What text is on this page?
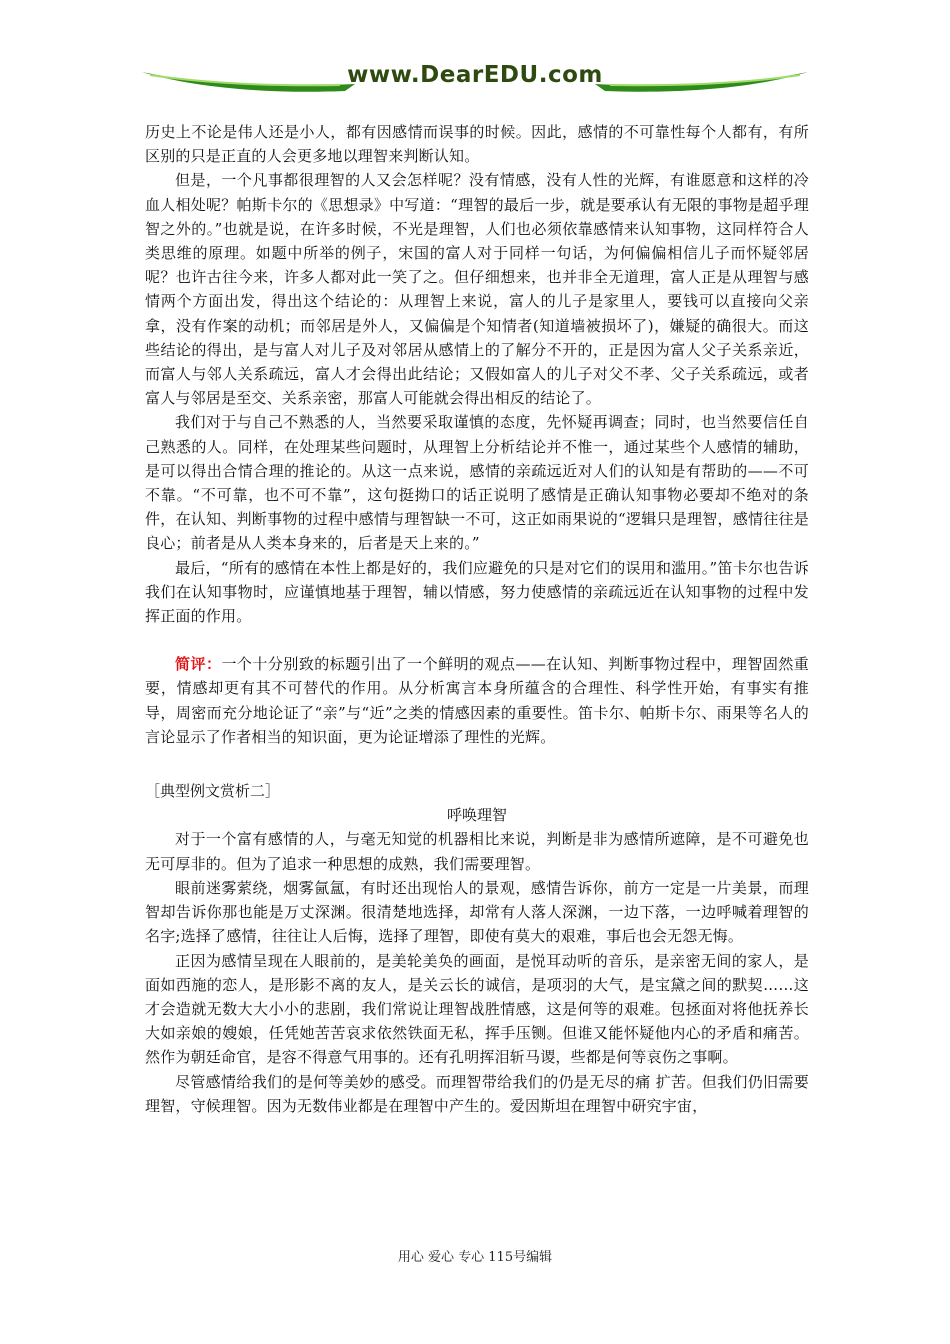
www.DearEDU.com

历史上不论是伟人还是小人，都有因感情而误事的时候。因此，感情的不可靠性每个人都有，有所区别的只是正直的人会更多地以理智来判断认知。

但是，一个凡事都很理智的人又会怎样呢？没有情感，没有人性的光辉，有谁愿意和这样的冷血人相处呢？帕斯卡尔的《思想录》中写道：“理智的最后一步，就是要承认有无限的事物是超乎理智之外的。”也就是说，在许多时候，不光是理智，人们也必须依靠感情来认知事物，这同样符合人类思维的原理。如题中所举的例子，宋国的富人对于同样一句话，为何偏偏相信儿子而怀疑邻居呢？也许古往今来，许多人都对此一笑了之。但仔细想来，也并非全无道理，富人正是从理智与感情两个方面出发，得出这个结论的：从理智上来说，富人的儿子是家里人，要钱可以直接向父亲拿，没有作案的动机；而邻居是外人，又偏偏是个知情者(知道墙被损坏了)，嫌疑的确很大。而这些结论的得出，是与富人对儿子及对邻居从感情上的了解分不开的，正是因为富人父子关系亲近，而富人与邻人关系疏远，富人才会得出此结论；又假如富人的儿子对父不孝、父子关系疏远，或者富人与邻居是至交、关系亲密，那富人可能就会得出相反的结论了。

我们对于与自己不熟悉的人，当然要采取谨慎的态度，先怀疑再调查；同时，也当然要信任自己熟悉的人。同样，在处理某些问题时，从理智上分析结论并不惟一，通过某些个人感情的辅助，是可以得出合情合理的推论的。从这一点来说，感情的亲疏远近对人们的认知是有帮助的——不可不靠。“不可靠，也不可不靠”，这句挺拗口的话正说明了感情是正确认知事物必要却不绝对的条件，在认知、判断事物的过程中感情与理智缺一不可，这正如雨果说的“逻辑只是理智，感情往往是良心；前者是从人类本身来的，后者是天上来的。”

最后，“所有的感情在本性上都是好的，我们应避免的只是对它们的误用和滥用。”笛卡尔也告诉我们在认知事物时，应谨慎地基于理智，辅以情感，努力使感情的亲疏远近在认知事物的过程中发挥正面的作用。

简评：一个十分别致的标题引出了一个鲜明的观点——在认知、判断事物过程中，理智固然重要，情感却更有其不可替代的作用。从分析寓言本身所蕴含的合理性、科学性开始，有事实有推导，周密而充分地论证了“亲”与“近”之类的情感因素的重要性。笛卡尔、帕斯卡尔、雨果等名人的言论显示了作者相当的知识面，更为论证增添了理性的光辉。

［典型例文赏析二］
呼唤理智

对于一个富有感情的人，与毫无知觉的机器相比来说，判断是非为感情所遮障，是不可避免也无可厚非的。但为了追求一种思想的成熟，我们需要理智。

眼前迷雾萦绕，烟雾氤氲，有时还出现怡人的景观，感情告诉你，前方一定是一片美景，而理智却告诉你那也能是万丈深渊。很清楚地选择，却常有人落人深渊，一边下落，一边呼喊着理智的名字;选择了感情，往往让人后悔，选择了理智，即使有莫大的艰难，事后也会无怨无悔。

正因为感情呈现在人眼前的，是美轮美奂的画面，是悦耳动听的音乐，是亲密无间的家人，是面如西施的恋人，是形影不离的友人，是关云长的诚信，是项羽的大气，是宝黛之间的默契……这才会造就无数大大小小的悲剧，我们常说让理智战胜情感，这是何等的艰难。包拯面对将他抚养长大如亲娘的嫂娘，任凭她苦苦哀求依然铁面无私，挥手压铡。但谁又能怀疑他内心的矛盾和痛苦。然作为朝廷命官，是容不得意气用事的。还有孔明挥泪斩马谡，些都是何等哀伤之事啊。

尽管感情给我们的是何等美妙的感受。而理智带给我们的仍是无尽的痛 扩苦。但我们仍旧需要理智，守候理智。因为无数伟业都是在理智中产生的。爱因斯坦在理智中研究宇宙，

用心 爱心 专心 115号编辑
